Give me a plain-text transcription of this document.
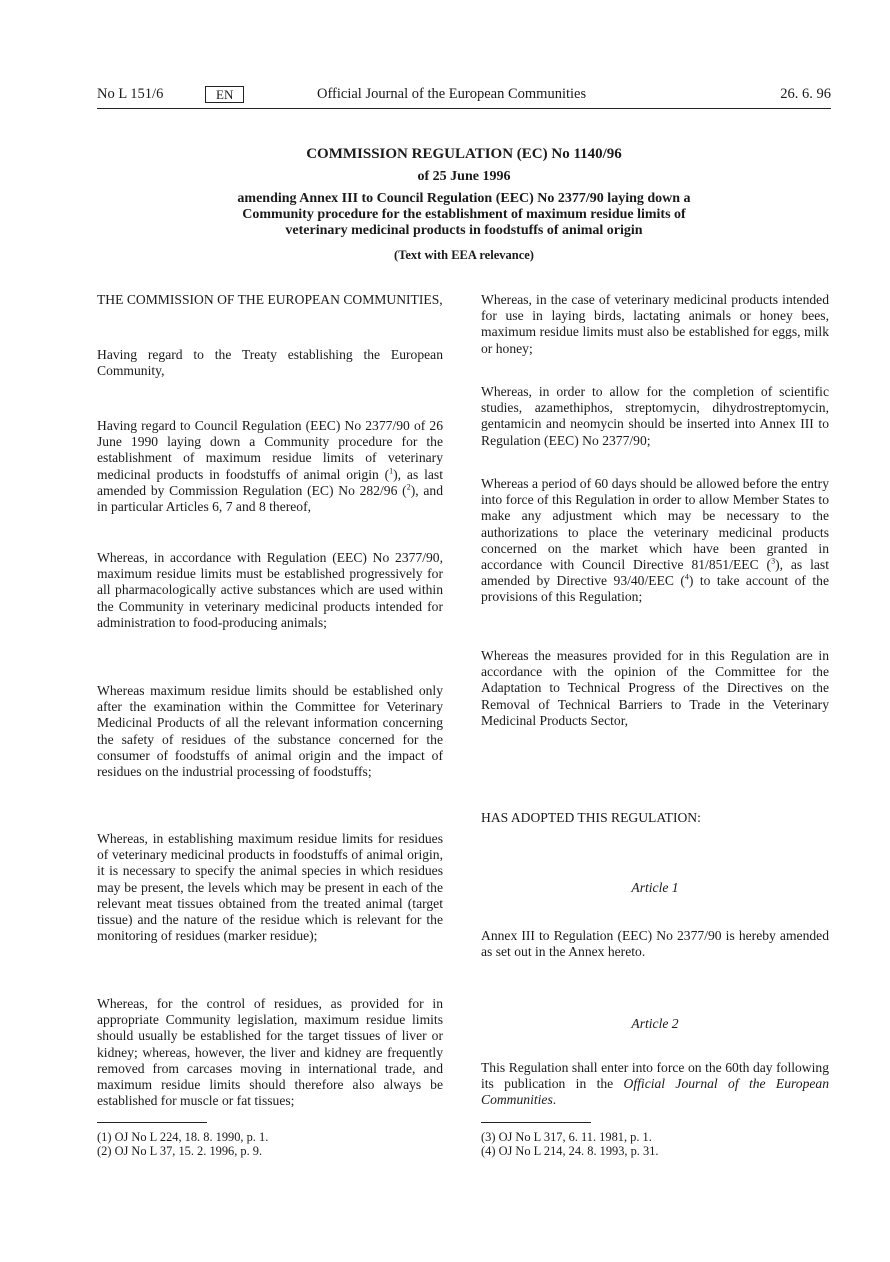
No L 151/6	EN	Official Journal of the European Communities	26. 6. 96
COMMISSION REGULATION (EC) No 1140/96
of 25 June 1996
amending Annex III to Council Regulation (EEC) No 2377/90 laying down a
Community procedure for the establishment of maximum residue limits of
veterinary medicinal products in foodstuffs of animal origin
(Text with EEA relevance)

THE COMMISSION OF THE EUROPEAN COMMUNITIES,

Having regard to the Treaty establishing the European Community,

Having regard to Council Regulation (EEC) No 2377/90 of 26 June 1990 laying down a Community procedure for the establishment of maximum residue limits of veterinary medicinal products in foodstuffs of animal origin ($^1$), as last amended by Commission Regulation (EC) No 282/96 ($^2$), and in particular Articles 6, 7 and 8 thereof,

Whereas, in accordance with Regulation (EEC) No 2377/90, maximum residue limits must be established progressively for all pharmacologically active substances which are used within the Community in veterinary medicinal products intended for administration to food-producing animals;

Whereas maximum residue limits should be established only after the examination within the Committee for Veterinary Medicinal Products of all the relevant information concerning the safety of residues of the substance concerned for the consumer of foodstuffs of animal origin and the impact of residues on the industrial processing of foodstuffs;

Whereas, in establishing maximum residue limits for residues of veterinary medicinal products in foodstuffs of animal origin, it is necessary to specify the animal species in which residues may be present, the levels which may be present in each of the relevant meat tissues obtained from the treated animal (target tissue) and the nature of the residue which is relevant for the monitoring of residues (marker residue);

Whereas, for the control of residues, as provided for in appropriate Community legislation, maximum residue limits should usually be established for the target tissues of liver or kidney; whereas, however, the liver and kidney are frequently removed from carcases moving in international trade, and maximum residue limits should therefore also always be established for muscle or fat tissues;

(1) OJ No L 224, 18. 8. 1990, p. 1.
(2) OJ No L 37, 15. 2. 1996, p. 9.

Whereas, in the case of veterinary medicinal products intended for use in laying birds, lactating animals or honey bees, maximum residue limits must also be established for eggs, milk or honey;

Whereas, in order to allow for the completion of scientific studies, azamethiphos, streptomycin, dihydrostreptomycin, gentamicin and neomycin should be inserted into Annex III to Regulation (EEC) No 2377/90;

Whereas a period of 60 days should be allowed before the entry into force of this Regulation in order to allow Member States to make any adjustment which may be necessary to the authorizations to place the veterinary medicinal products concerned on the market which have been granted in accordance with Council Directive 81/851/EEC ($^3$), as last amended by Directive 93/40/EEC ($^4$) to take account of the provisions of this Regulation;

Whereas the measures provided for in this Regulation are in accordance with the opinion of the Committee for the Adaptation to Technical Progress of the Directives on the Removal of Technical Barriers to Trade in the Veterinary Medicinal Products Sector,

HAS ADOPTED THIS REGULATION:

Article 1

Annex III to Regulation (EEC) No 2377/90 is hereby amended as set out in the Annex hereto.

Article 2

This Regulation shall enter into force on the 60th day following its publication in the Official Journal of the European Communities.

(3) OJ No L 317, 6. 11. 1981, p. 1.
(4) OJ No L 214, 24. 8. 1993, p. 31.
